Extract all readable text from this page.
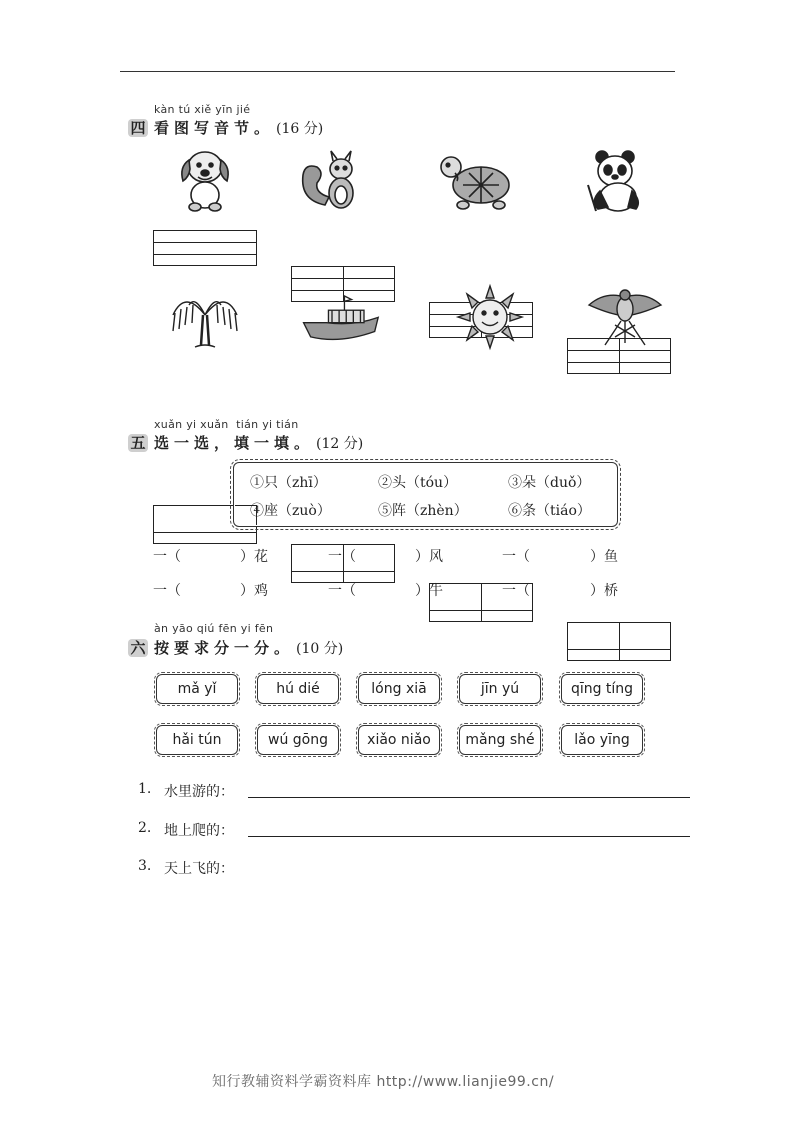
kàn tú xiě yīn jié
四 看图写音节。 (16 分)
xuǎn yi xuǎn  tián yi tián
五 选一选，填一填。 (12 分)
①只（zhī）	②头（tóu）	③朵（duǒ）
④座（zuò）	⑤阵（zhèn）	⑥条（tiáo）
一（	）花	一（	）风	一（	）鱼
一（	）鸡	一（	）牛	一（	）桥
àn yāo qiú fēn yi fēn
六 按要求分一分。 (10 分)
mǎ yǐ	hú dié	lóng xiā	jīn yú	qīng tíng
hǎi tún	wú gōng	xiǎo niǎo	mǎng shé	lǎo yīng
1. 水里游的：
2. 地上爬的：
3. 天上飞的：
知行教辅资料学霸资料库 http://www.lianjie99.cn/
